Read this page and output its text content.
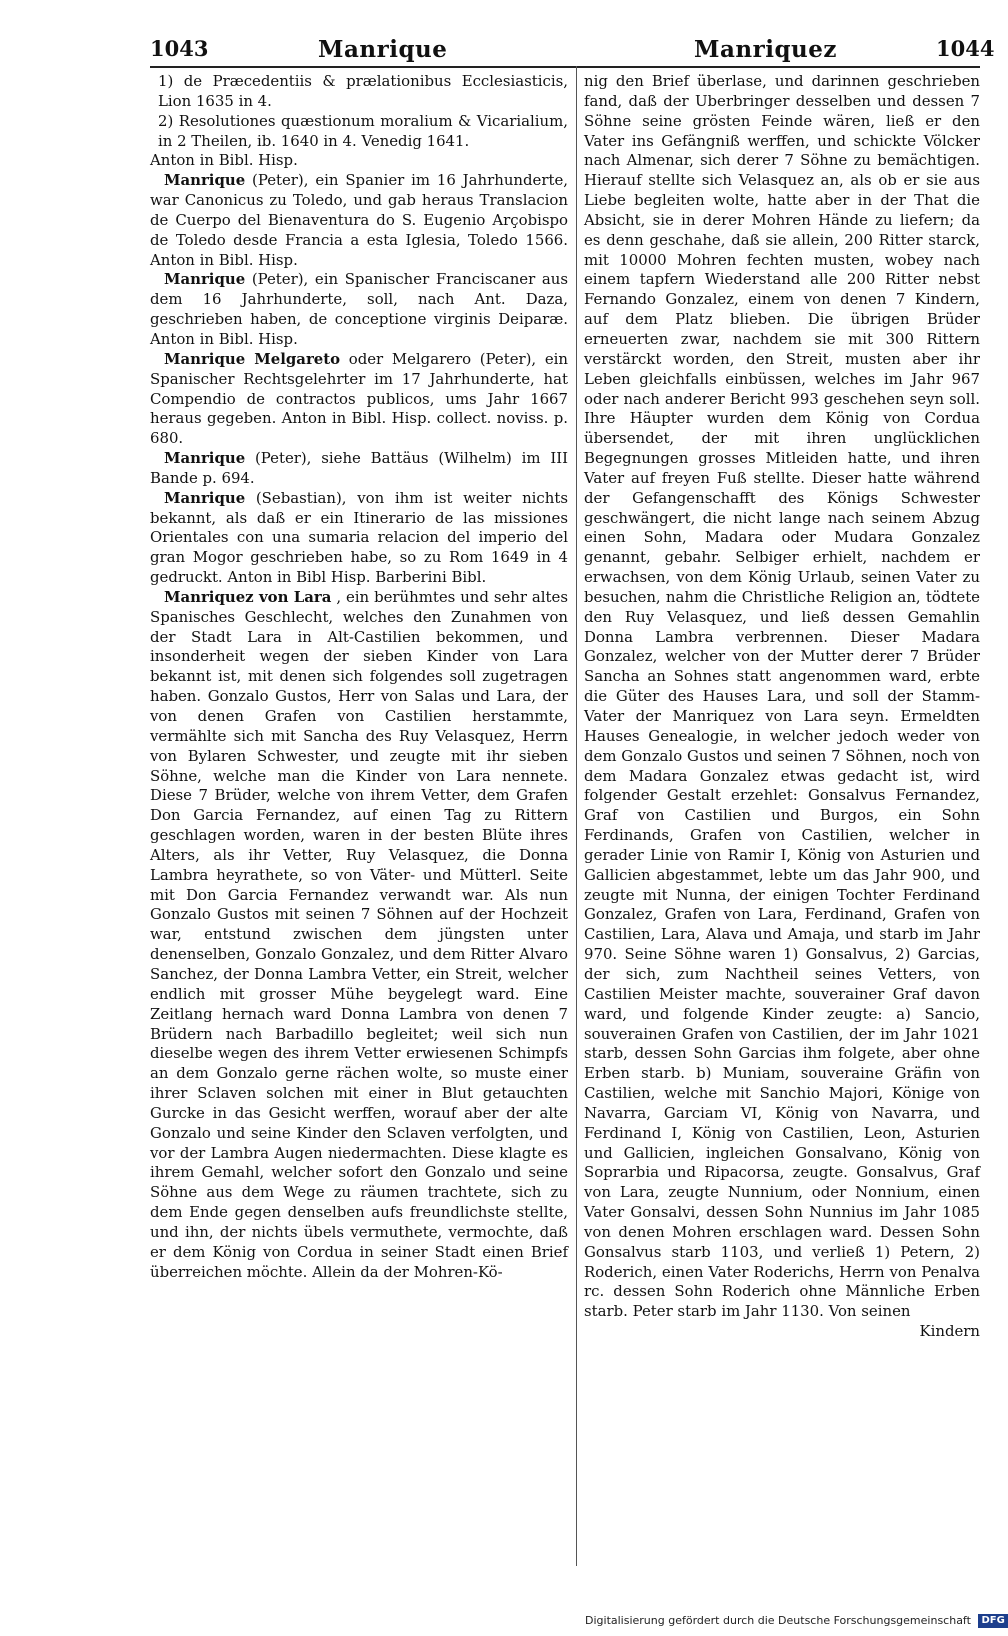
1043	Manrique	Manriquez	1044

1) de Præcedentiis & prælationibus Ecclesiasticis, Lion 1635 in 4.

2) Resolutiones quæstionum moralium & Vicarialium, in 2 Theilen, ib. 1640 in 4. Venedig 1641.

Anton in Bibl. Hisp.

Manrique (Peter), ein Spanier im 16 Jahrhunderte, war Canonicus zu Toledo, und gab heraus Translacion de Cuerpo del Bienaventura do S. Eugenio Arçobispo de Toledo desde Francia a esta Iglesia, Toledo 1566. Anton in Bibl. Hisp.

Manrique (Peter), ein Spanischer Franciscaner aus dem 16 Jahrhunderte, soll, nach Ant. Daza, geschrieben haben, de conceptione virginis Deiparæ. Anton in Bibl. Hisp.

Manrique Melgareto oder Melgarero (Peter), ein Spanischer Rechtsgelehrter im 17 Jahrhunderte, hat Compendio de contractos publicos, ums Jahr 1667 heraus gegeben. Anton in Bibl. Hisp. collect. noviss. p. 680.

Manrique (Peter), siehe Battäus (Wilhelm) im III Bande p. 694.

Manrique (Sebastian), von ihm ist weiter nichts bekannt, als daß er ein Itinerario de las missiones Orientales con una sumaria relacion del imperio del gran Mogor geschrieben habe, so zu Rom 1649 in 4 gedruckt. Anton in Bibl Hisp. Barberini Bibl.

Manriquez von Lara , ein berühmtes und sehr altes Spanisches Geschlecht, welches den Zunahmen von der Stadt Lara in Alt-Castilien bekommen, und insonderheit wegen der sieben Kinder von Lara bekannt ist, mit denen sich folgendes soll zugetragen haben. Gonzalo Gustos, Herr von Salas und Lara, der von denen Grafen von Castilien herstammte, vermählte sich mit Sancha des Ruy Velasquez, Herrn von Bylaren Schwester, und zeugte mit ihr sieben Söhne, welche man die Kinder von Lara nennete. Diese 7 Brüder, welche von ihrem Vetter, dem Grafen Don Garcia Fernandez, auf einen Tag zu Rittern geschlagen worden, waren in der besten Blüte ihres Alters, als ihr Vetter, Ruy Velasquez, die Donna Lambra heyrathete, so von Väter- und Mütterl. Seite mit Don Garcia Fernandez verwandt war. Als nun Gonzalo Gustos mit seinen 7 Söhnen auf der Hochzeit war, entstund zwischen dem jüngsten unter denenselben, Gonzalo Gonzalez, und dem Ritter Alvaro Sanchez, der Donna Lambra Vetter, ein Streit, welcher endlich mit grosser Mühe beygelegt ward. Eine Zeitlang hernach ward Donna Lambra von denen 7 Brüdern nach Barbadillo begleitet; weil sich nun dieselbe wegen des ihrem Vetter erwiesenen Schimpfs an dem Gonzalo gerne rächen wolte, so muste einer ihrer Sclaven solchen mit einer in Blut getauchten Gurcke in das Gesicht werffen, worauf aber der alte Gonzalo und seine Kinder den Sclaven verfolgten, und vor der Lambra Augen niedermachten. Diese klagte es ihrem Gemahl, welcher sofort den Gonzalo und seine Söhne aus dem Wege zu räumen trachtete, sich zu dem Ende gegen denselben aufs freundlichste stellte, und ihn, der nichts übels vermuthete, vermochte, daß er dem König von Cordua in seiner Stadt einen Brief überreichen möchte. Allein da der Mohren-Kö-

nig den Brief überlase, und darinnen geschrieben fand, daß der Uberbringer desselben und dessen 7 Söhne seine grösten Feinde wären, ließ er den Vater ins Gefängniß werffen, und schickte Völcker nach Almenar, sich derer 7 Söhne zu bemächtigen. Hierauf stellte sich Velasquez an, als ob er sie aus Liebe begleiten wolte, hatte aber in der That die Absicht, sie in derer Mohren Hände zu liefern; da es denn geschahe, daß sie allein, 200 Ritter starck, mit 10000 Mohren fechten musten, wobey nach einem tapfern Wiederstand alle 200 Ritter nebst Fernando Gonzalez, einem von denen 7 Kindern, auf dem Platz blieben. Die übrigen Brüder erneuerten zwar, nachdem sie mit 300 Rittern verstärckt worden, den Streit, musten aber ihr Leben gleichfalls einbüssen, welches im Jahr 967 oder nach anderer Bericht 993 geschehen seyn soll. Ihre Häupter wurden dem König von Cordua übersendet, der mit ihren unglücklichen Begegnungen grosses Mitleiden hatte, und ihren Vater auf freyen Fuß stellte. Dieser hatte während der Gefangenschafft des Königs Schwester geschwängert, die nicht lange nach seinem Abzug einen Sohn, Madara oder Mudara Gonzalez genannt, gebahr. Selbiger erhielt, nachdem er erwachsen, von dem König Urlaub, seinen Vater zu besuchen, nahm die Christliche Religion an, tödtete den Ruy Velasquez, und ließ dessen Gemahlin Donna Lambra verbrennen. Dieser Madara Gonzalez, welcher von der Mutter derer 7 Brüder Sancha an Sohnes statt angenommen ward, erbte die Güter des Hauses Lara, und soll der Stamm-Vater der Manriquez von Lara seyn. Ermeldten Hauses Genealogie, in welcher jedoch weder von dem Gonzalo Gustos und seinen 7 Söhnen, noch von dem Madara Gonzalez etwas gedacht ist, wird folgender Gestalt erzehlet: Gonsalvus Fernandez, Graf von Castilien und Burgos, ein Sohn Ferdinands, Grafen von Castilien, welcher in gerader Linie von Ramir I, König von Asturien und Gallicien abgestammet, lebte um das Jahr 900, und zeugte mit Nunna, der einigen Tochter Ferdinand Gonzalez, Grafen von Lara, Ferdinand, Grafen von Castilien, Lara, Alava und Amaja, und starb im Jahr 970. Seine Söhne waren 1) Gonsalvus, 2) Garcias, der sich, zum Nachtheil seines Vetters, von Castilien Meister machte, souverainer Graf davon ward, und folgende Kinder zeugte: a) Sancio, souverainen Grafen von Castilien, der im Jahr 1021 starb, dessen Sohn Garcias ihm folgete, aber ohne Erben starb. b) Muniam, souveraine Gräfin von Castilien, welche mit Sanchio Majori, Könige von Navarra, Garciam VI, König von Navarra, und Ferdinand I, König von Castilien, Leon, Asturien und Gallicien, ingleichen Gonsalvano, König von Soprarbia und Ripacorsa, zeugte. Gonsalvus, Graf von Lara, zeugte Nunnium, oder Nonnium, einen Vater Gonsalvi, dessen Sohn Nunnius im Jahr 1085 von denen Mohren erschlagen ward. Dessen Sohn Gonsalvus starb 1103, und verließ 1) Petern, 2) Roderich, einen Vater Roderichs, Herrn von Penalva rc. dessen Sohn Roderich ohne Männliche Erben starb. Peter starb im Jahr 1130. Von seinen

Kindern

Digitalisierung gefördert durch die Deutsche Forschungsgemeinschaft DFG
